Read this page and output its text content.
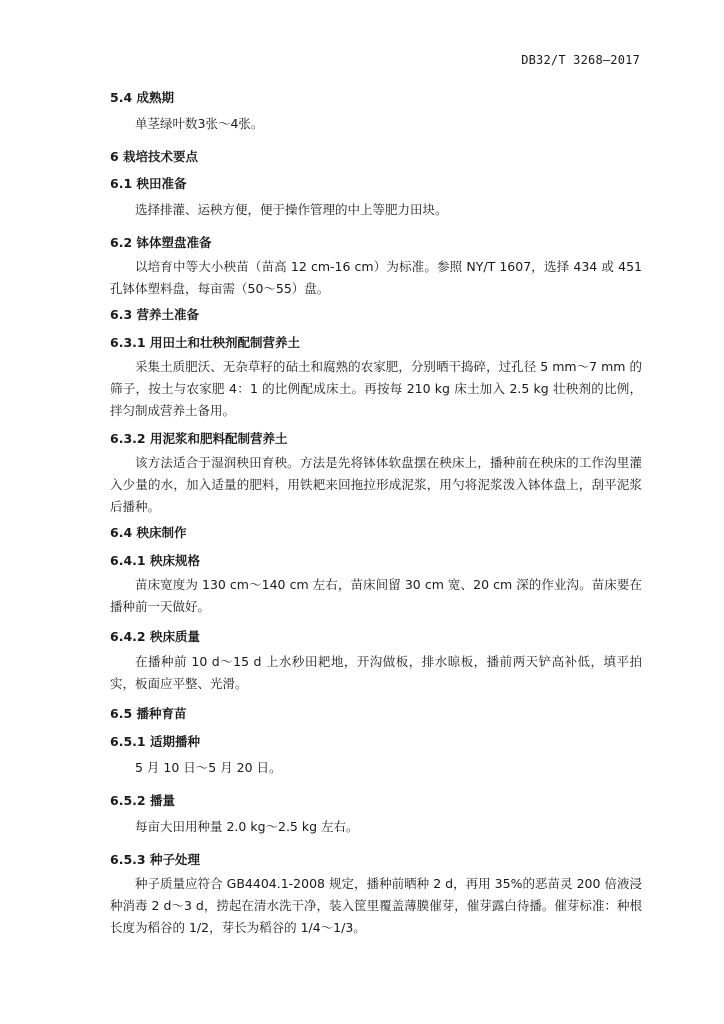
DB32/T 3268—2017
5.4 成熟期

单茎绿叶数3张～4张。

6 栽培技术要点
6.1 秧田准备

选择排灌、运秧方便，便于操作管理的中上等肥力田块。

6.2 钵体塑盘准备

以培育中等大小秧苗（苗高 12 cm-16 cm）为标准。参照 NY/T 1607，选择 434 或 451 孔钵体塑料盘，每亩需（50～55）盘。

6.3 营养土准备
6.3.1 用田土和壮秧剂配制营养土

采集土质肥沃、无杂草籽的砧土和腐熟的农家肥，分别晒干捣碎，过孔径 5 mm～7 mm 的筛子，按土与农家肥 4：1 的比例配成床土。再按每 210 kg 床土加入 2.5 kg 壮秧剂的比例，拌匀制成营养土备用。

6.3.2 用泥浆和肥料配制营养土

该方法适合于湿润秧田育秧。方法是先将钵体软盘摆在秧床上，播种前在秧床的工作沟里灌入少量的水，加入适量的肥料，用铁耙来回拖拉形成泥浆，用勺将泥浆泼入钵体盘上，刮平泥浆后播种。

6.4 秧床制作
6.4.1 秧床规格

苗床宽度为 130 cm～140 cm 左右，苗床间留 30 cm 宽、20 cm 深的作业沟。苗床要在播种前一天做好。

6.4.2 秧床质量

在播种前 10 d～15 d 上水秒田耙地，开沟做板，排水晾板，播前两天铲高补低，填平拍实，板面应平整、光滑。

6.5 播种育苗
6.5.1 适期播种

5 月 10 日～5 月 20 日。

6.5.2 播量

每亩大田用种量 2.0 kg～2.5 kg 左右。

6.5.3 种子处理

种子质量应符合 GB4404.1-2008 规定，播种前晒种 2 d，再用 35%的恶苗灵 200 倍液浸种消毒 2 d～3 d，捞起在清水洗干净，装入筐里覆盖薄膜催芽，催芽露白待播。催芽标准：种根长度为稻谷的 1/2，芽长为稻谷的 1/4～1/3。
